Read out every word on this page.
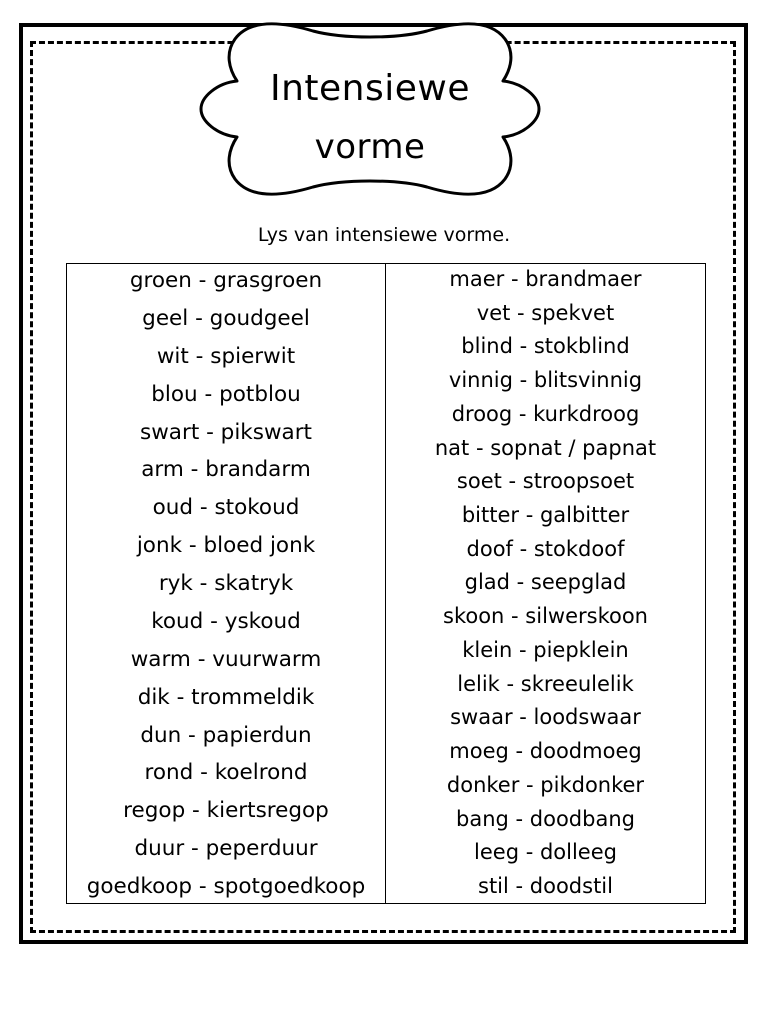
Intensiewe
vorme
Lys van intensiewe vorme.
groen - grasgroen
geel - goudgeel
wit - spierwit
blou - potblou
swart - pikswart
arm - brandarm
oud - stokoud
jonk - bloed jonk
ryk - skatryk
koud - yskoud
warm - vuurwarm
dik - trommeldik
dun - papierdun
rond - koelrond
regop - kiertsregop
duur - peperduur
goedkoop - spotgoedkoop
maer - brandmaer
vet - spekvet
blind - stokblind
vinnig - blitsvinnig
droog - kurkdroog
nat - sopnat / papnat
soet - stroopsoet
bitter - galbitter
doof - stokdoof
glad - seepglad
skoon - silwerskoon
klein - piepklein
lelik - skreeulelik
swaar - loodswaar
moeg - doodmoeg
donker - pikdonker
bang - doodbang
leeg - dolleeg
stil - doodstil
